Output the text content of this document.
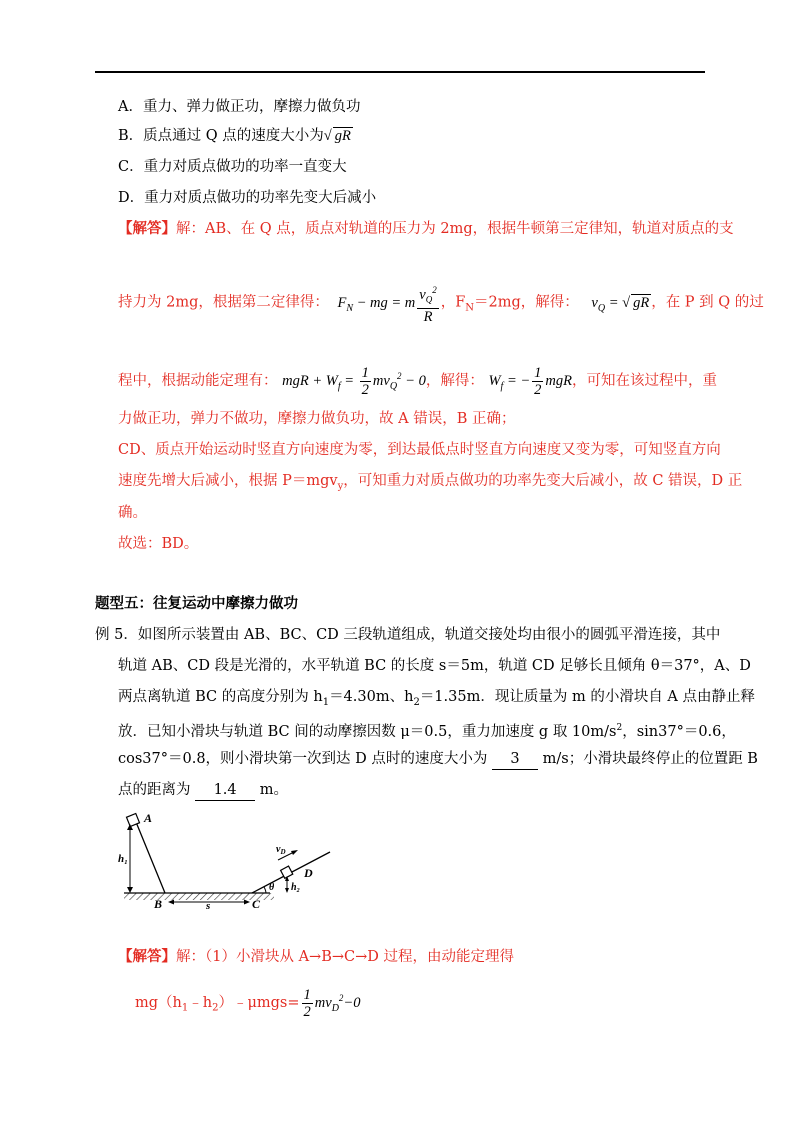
A．重力、弹力做正功，摩擦力做负功
B．质点通过 Q 点的速度大小为√ gR
C．重力对质点做功的功率一直变大
D．重力对质点做功的功率先变大后减小
【解答】解：AB、在 Q 点，质点对轨道的压力为 2mg，根据牛顿第三定律知，轨道对质点的支
持力为 2mg，根据第二定律得： $F_N$ − mg = m $\frac{v_Q^2}{R}$ ，$F_N=2mg$，解得： $v_Q$ = √ gR ，在 P 到 Q 的过
程中，根据动能定理有： mgR + $W_f = \frac{1}{2} mv_Q^2 - 0$，解得： $W_f$ = − $\frac{1}{2}$ mgR，可知在该过程中，重
力做正功，弹力不做功，摩擦力做负功，故 A 错误，B 正确；
CD、质点开始运动时竖直方向速度为零，到达最低点时竖直方向速度又变为零，可知竖直方向
速度先增大后减小，根据 P＝mgv$_y$，可知重力对质点做功的功率先变大后减小，故 C 错误，D 正
确。
故选：BD。
题型五：往复运动中摩擦力做功
例 5．如图所示装置由 AB、BC、CD 三段轨道组成，轨道交接处均由很小的圆弧平滑连接，其中
轨道 AB、CD 段是光滑的，水平轨道 BC 的长度 s＝5m，轨道 CD 足够长且倾角 θ＝37°，A、D
两点离轨道 BC 的高度分别为 $h_1=4.30m$、$h_2=1.35m$．现让质量为 m 的小滑块自 A 点由静止释
放．已知小滑块与轨道 BC 间的动摩擦因数 μ＝0.5，重力加速度 g 取 $10m/s^2$，sin37°＝0.6，
cos37°＝0.8，则小滑块第一次到达 D 点时的速度大小为 3 m/s；小滑块最终停止的位置距 B
点的距离为 1.4 m。
A
B	C
D
h₁
h₂
s
θ
$v_D$
【解答】解：（1）小滑块从 A→B→C→D 过程，由动能定理得
$mg(h_1﹣h_2)﹣\mu mgs= \frac{1}{2} mv_D^2-0$
